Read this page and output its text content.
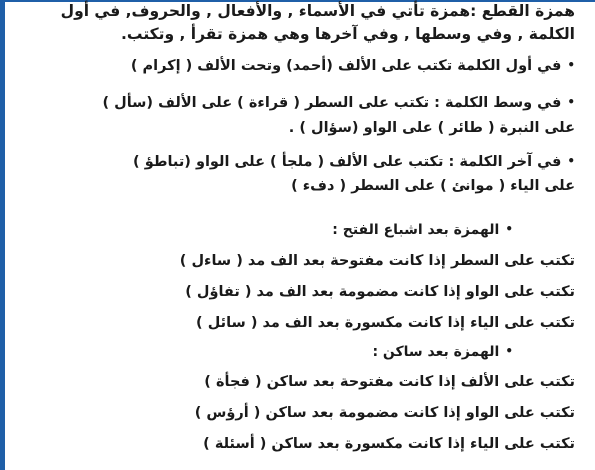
همزة القطع :همزة تأتي في الأسماء , والأفعال , والحروف, في أول
الكلمة , وفي وسطها , وفي آخرها وهي همزة تقرأ , وتكتب.
•في أول الكلمة تكتب على الألف (أحمد) وتحت الألف ( إكرام )
•في وسط الكلمة : تكتب على السطر ( قراءة ) على الألف (سأل )
على النبرة ( طائر ) على الواو (سؤال ) .
•في آخر الكلمة : تكتب على الألف ( ملجأ ) على الواو (تباطؤ )
على الياء ( موانئ ) على السطر ( دفء )
•الهمزة بعد اشباع الفتح :
تكتب على السطر إذا كانت مفتوحة بعد الف مد ( ساءل )
تكتب على الواو إذا كانت مضمومة بعد الف مد ( تفاؤل )
تكتب على الياء إذا كانت مكسورة بعد الف مد ( سائل )
•الهمزة بعد ساكن :
تكتب على الألف إذا كانت مفتوحة بعد ساكن ( فجأة )
تكتب على الواو إذا كانت مضمومة بعد ساكن ( أرؤس )
تكتب على الياء إذا كانت مكسورة بعد ساكن ( أسئلة )
